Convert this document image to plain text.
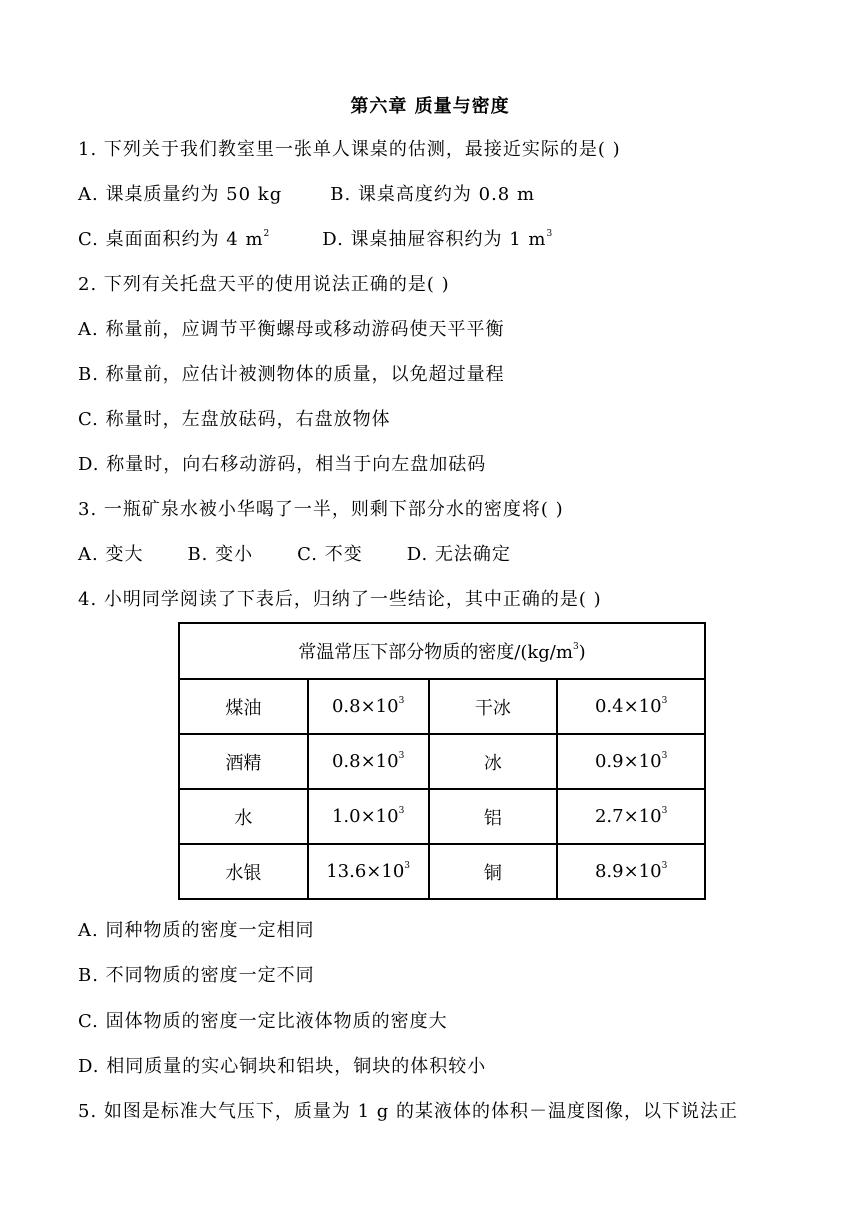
第六章 质量与密度
1. 下列关于我们教室里一张单人课桌的估测，最接近实际的是( )
A. 课桌质量约为 50 kg	B. 课桌高度约为 0.8 m
C. 桌面面积约为 4 $m^2$	D. 课桌抽屉容积约为 1 $m^3$
2. 下列有关托盘天平的使用说法正确的是( )
A. 称量前，应调节平衡螺母或移动游码使天平平衡
B. 称量前，应估计被测物体的质量，以免超过量程
C. 称量时，左盘放砝码，右盘放物体
D. 称量时，向右移动游码，相当于向左盘加砝码
3. 一瓶矿泉水被小华喝了一半，则剩下部分水的密度将( )
A. 变大 B. 变小 C. 不变 D. 无法确定
4. 小明同学阅读了下表后，归纳了一些结论，其中正确的是( )
常温常压下部分物质的密度$/(kg/m^3)$			
煤油	$0.8\times 10^3$	干冰	$0.4\times 10^3$
酒精	$0.8\times 10^3$	冰	$0.9\times 10^3$
水	$1.0\times 10^3$	铝	$2.7\times 10^3$
水银	$13.6\times 10^3$	铜	$8.9\times 10^3$
A. 同种物质的密度一定相同
B. 不同物质的密度一定不同
C. 固体物质的密度一定比液体物质的密度大
D. 相同质量的实心铜块和铝块，铜块的体积较小
5. 如图是标准大气压下，质量为 1 g 的某液体的体积－温度图像，以下说法正
